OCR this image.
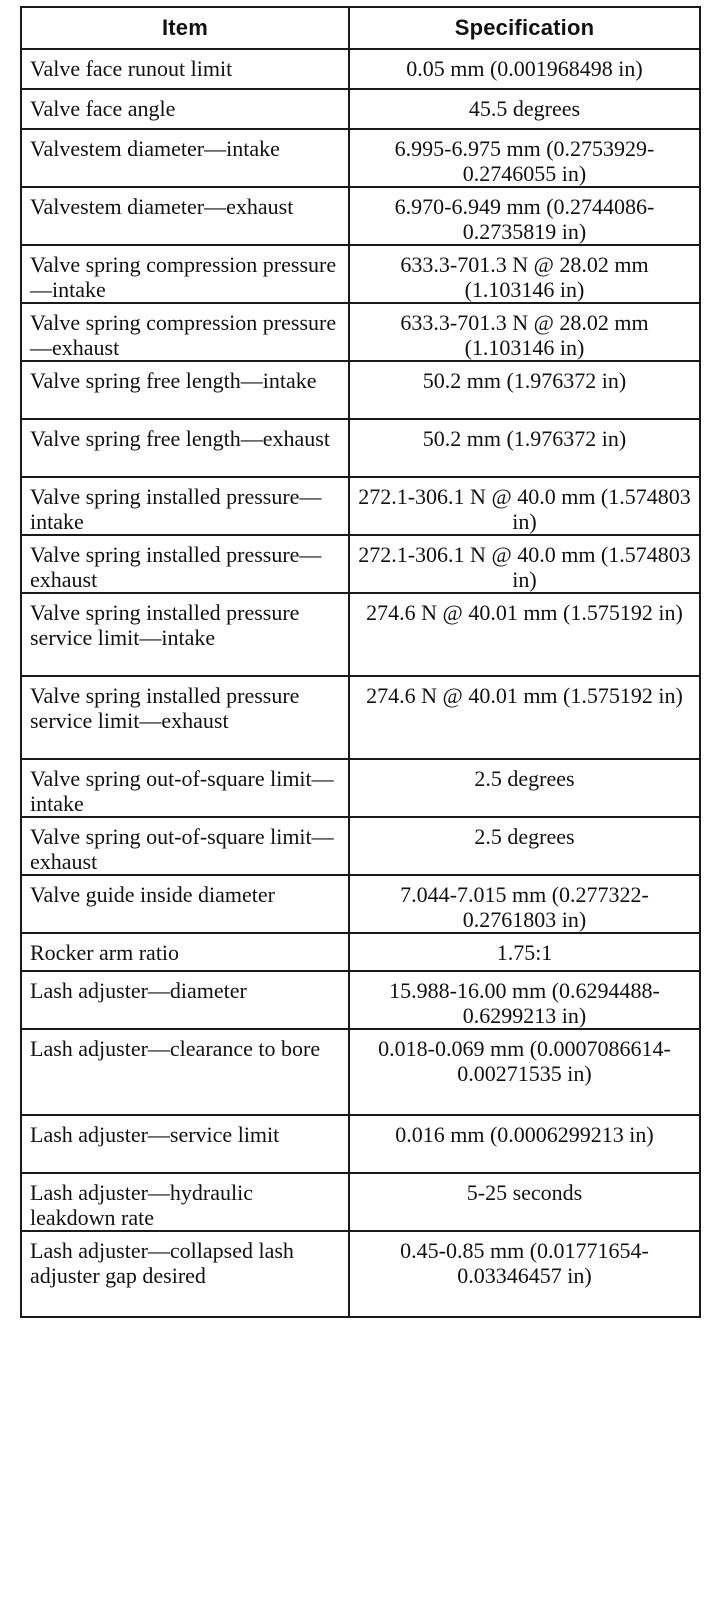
Item	Specification

Valve face runout limit	0.05 mm (0.001968498 in)

Valve face angle	45.5 degrees

Valvestem diameter—intake	6.995-6.975 mm (0.2753929-0.2746055 in)

Valvestem diameter—exhaust	6.970-6.949 mm (0.2744086-0.2735819 in)

Valve spring compression pressure—intake	633.3-701.3 N @ 28.02 mm (1.103146 in)

Valve spring compression pressure—exhaust	633.3-701.3 N @ 28.02 mm (1.103146 in)

Valve spring free length—intake	50.2 mm (1.976372 in)

Valve spring free length—exhaust	50.2 mm (1.976372 in)

Valve spring installed pressure—intake	272.1-306.1 N @ 40.0 mm (1.574803 in)

Valve spring installed pressure—exhaust	272.1-306.1 N @ 40.0 mm (1.574803 in)

Valve spring installed pressure service limit—intake	274.6 N @ 40.01 mm (1.575192 in)

Valve spring installed pressure service limit—exhaust	274.6 N @ 40.01 mm (1.575192 in)

Valve spring out-of-square limit—intake	2.5 degrees

Valve spring out-of-square limit—exhaust	2.5 degrees

Valve guide inside diameter	7.044-7.015 mm (0.277322-0.2761803 in)

Rocker arm ratio	1.75:1

Lash adjuster—diameter	15.988-16.00 mm (0.6294488-0.6299213 in)

Lash adjuster—clearance to bore	0.018-0.069 mm (0.0007086614-0.00271535 in)

Lash adjuster—service limit	0.016 mm (0.0006299213 in)

Lash adjuster—hydraulic leakdown rate	5-25 seconds

Lash adjuster—collapsed lash adjuster gap desired	0.45-0.85 mm (0.01771654-0.03346457 in)
